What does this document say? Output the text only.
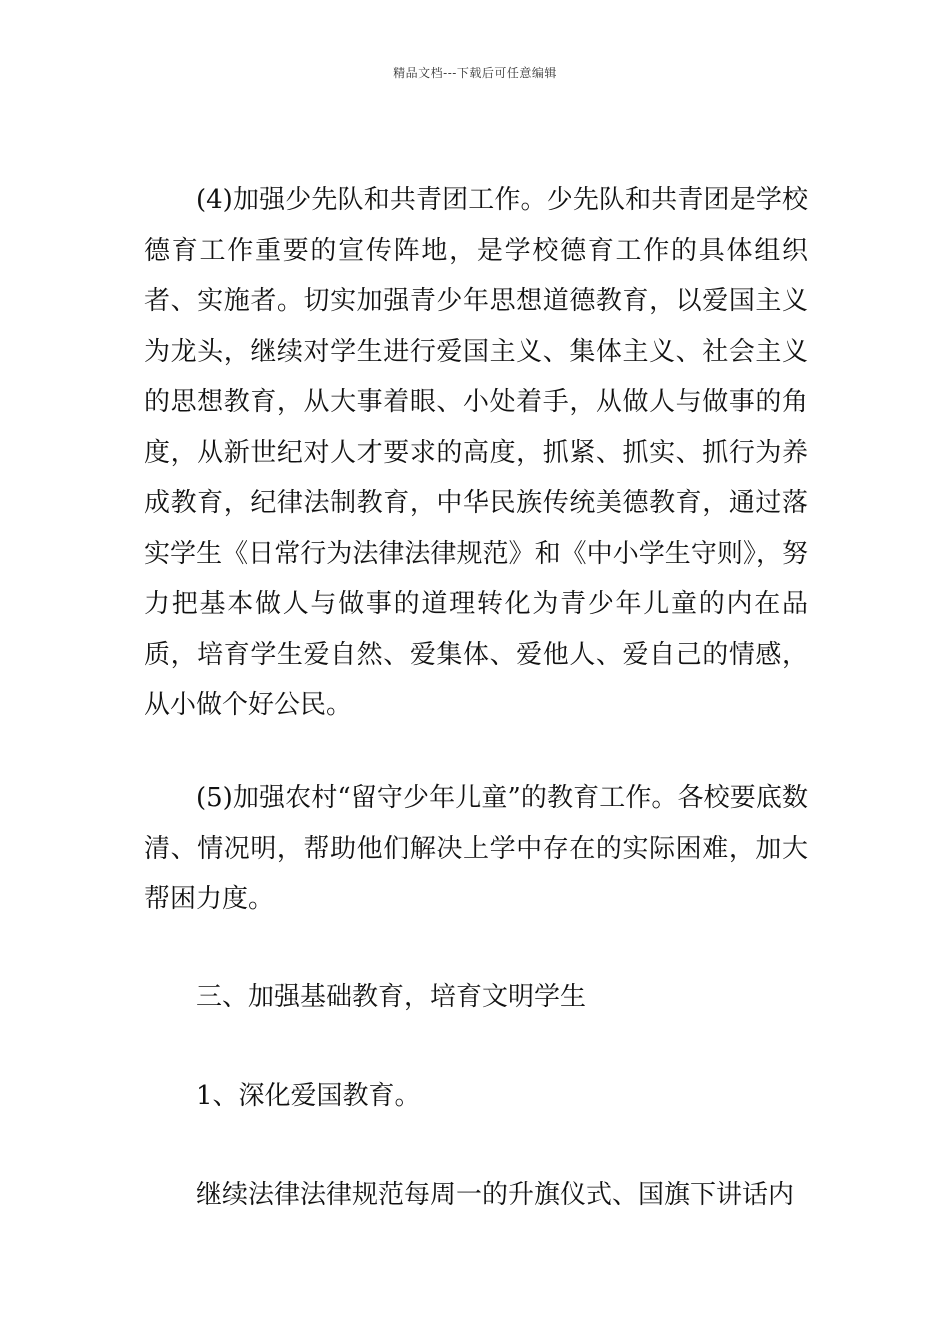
精品文档---下载后可任意编辑

(4)加强少先队和共青团工作。少先队和共青团是学校德育工作重要的宣传阵地，是学校德育工作的具体组织者、实施者。切实加强青少年思想道德教育，以爱国主义为龙头，继续对学生进行爱国主义、集体主义、社会主义的思想教育，从大事着眼、小处着手，从做人与做事的角度，从新世纪对人才要求的高度，抓紧、抓实、抓行为养成教育，纪律法制教育，中华民族传统美德教育，通过落实学生《日常行为法律法律规范》和《中小学生守则》，努力把基本做人与做事的道理转化为青少年儿童的内在品质，培育学生爱自然、爱集体、爱他人、爱自己的情感，从小做个好公民。

(5)加强农村“留守少年儿童”的教育工作。各校要底数清、情况明，帮助他们解决上学中存在的实际困难，加大帮困力度。

三、加强基础教育，培育文明学生

1、深化爱国教育。

继续法律法律规范每周一的升旗仪式、国旗下讲话内
